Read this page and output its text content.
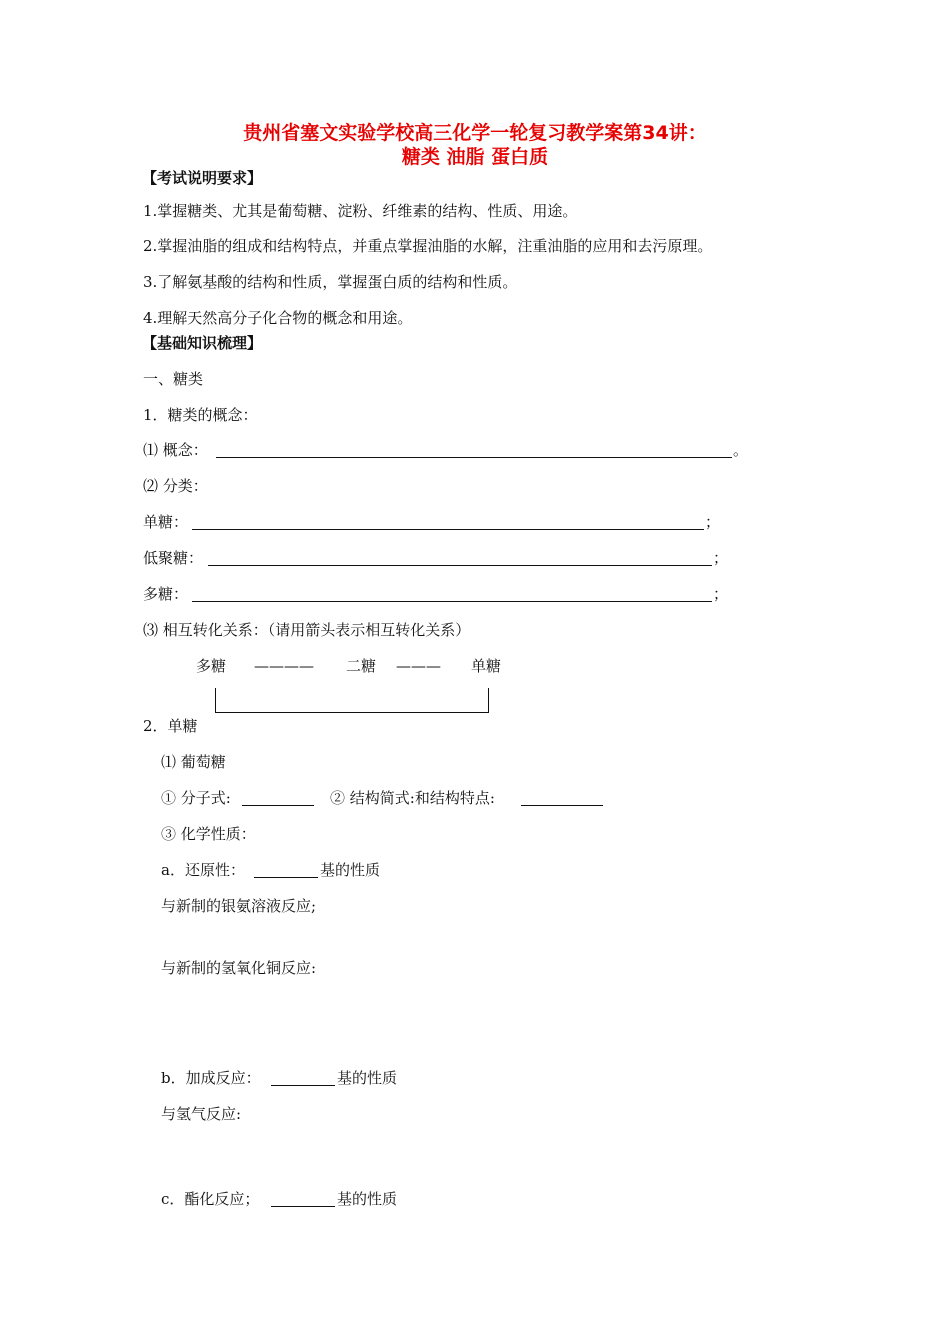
贵州省塞文实验学校高三化学一轮复习教学案第34讲：
糖类 油脂 蛋白质
【考试说明要求】
1.掌握糖类、尤其是葡萄糖、淀粉、纤维素的结构、性质、用途。
2.掌握油脂的组成和结构特点，并重点掌握油脂的水解，注重油脂的应用和去污原理。
3.了解氨基酸的结构和性质，掌握蛋白质的结构和性质。
4.理解天然高分子化合物的概念和用途。
【基础知识梳理】
一、糖类
1．糖类的概念：
⑴ 概念：	。
⑵ 分类：
单糖：	；
低聚糖：	；
多糖：	；
⑶ 相互转化关系：（请用箭头表示相互转化关系）
多糖 ———— 二糖 ——— 单糖
2．单糖
⑴ 葡萄糖
① 分子式:	② 结构简式:和结构特点:
③ 化学性质：
a．还原性：	基的性质
与新制的银氨溶液反应;
与新制的氢氧化铜反应:
b．加成反应：	基的性质
与氢气反应:
c．酯化反应；	基的性质
